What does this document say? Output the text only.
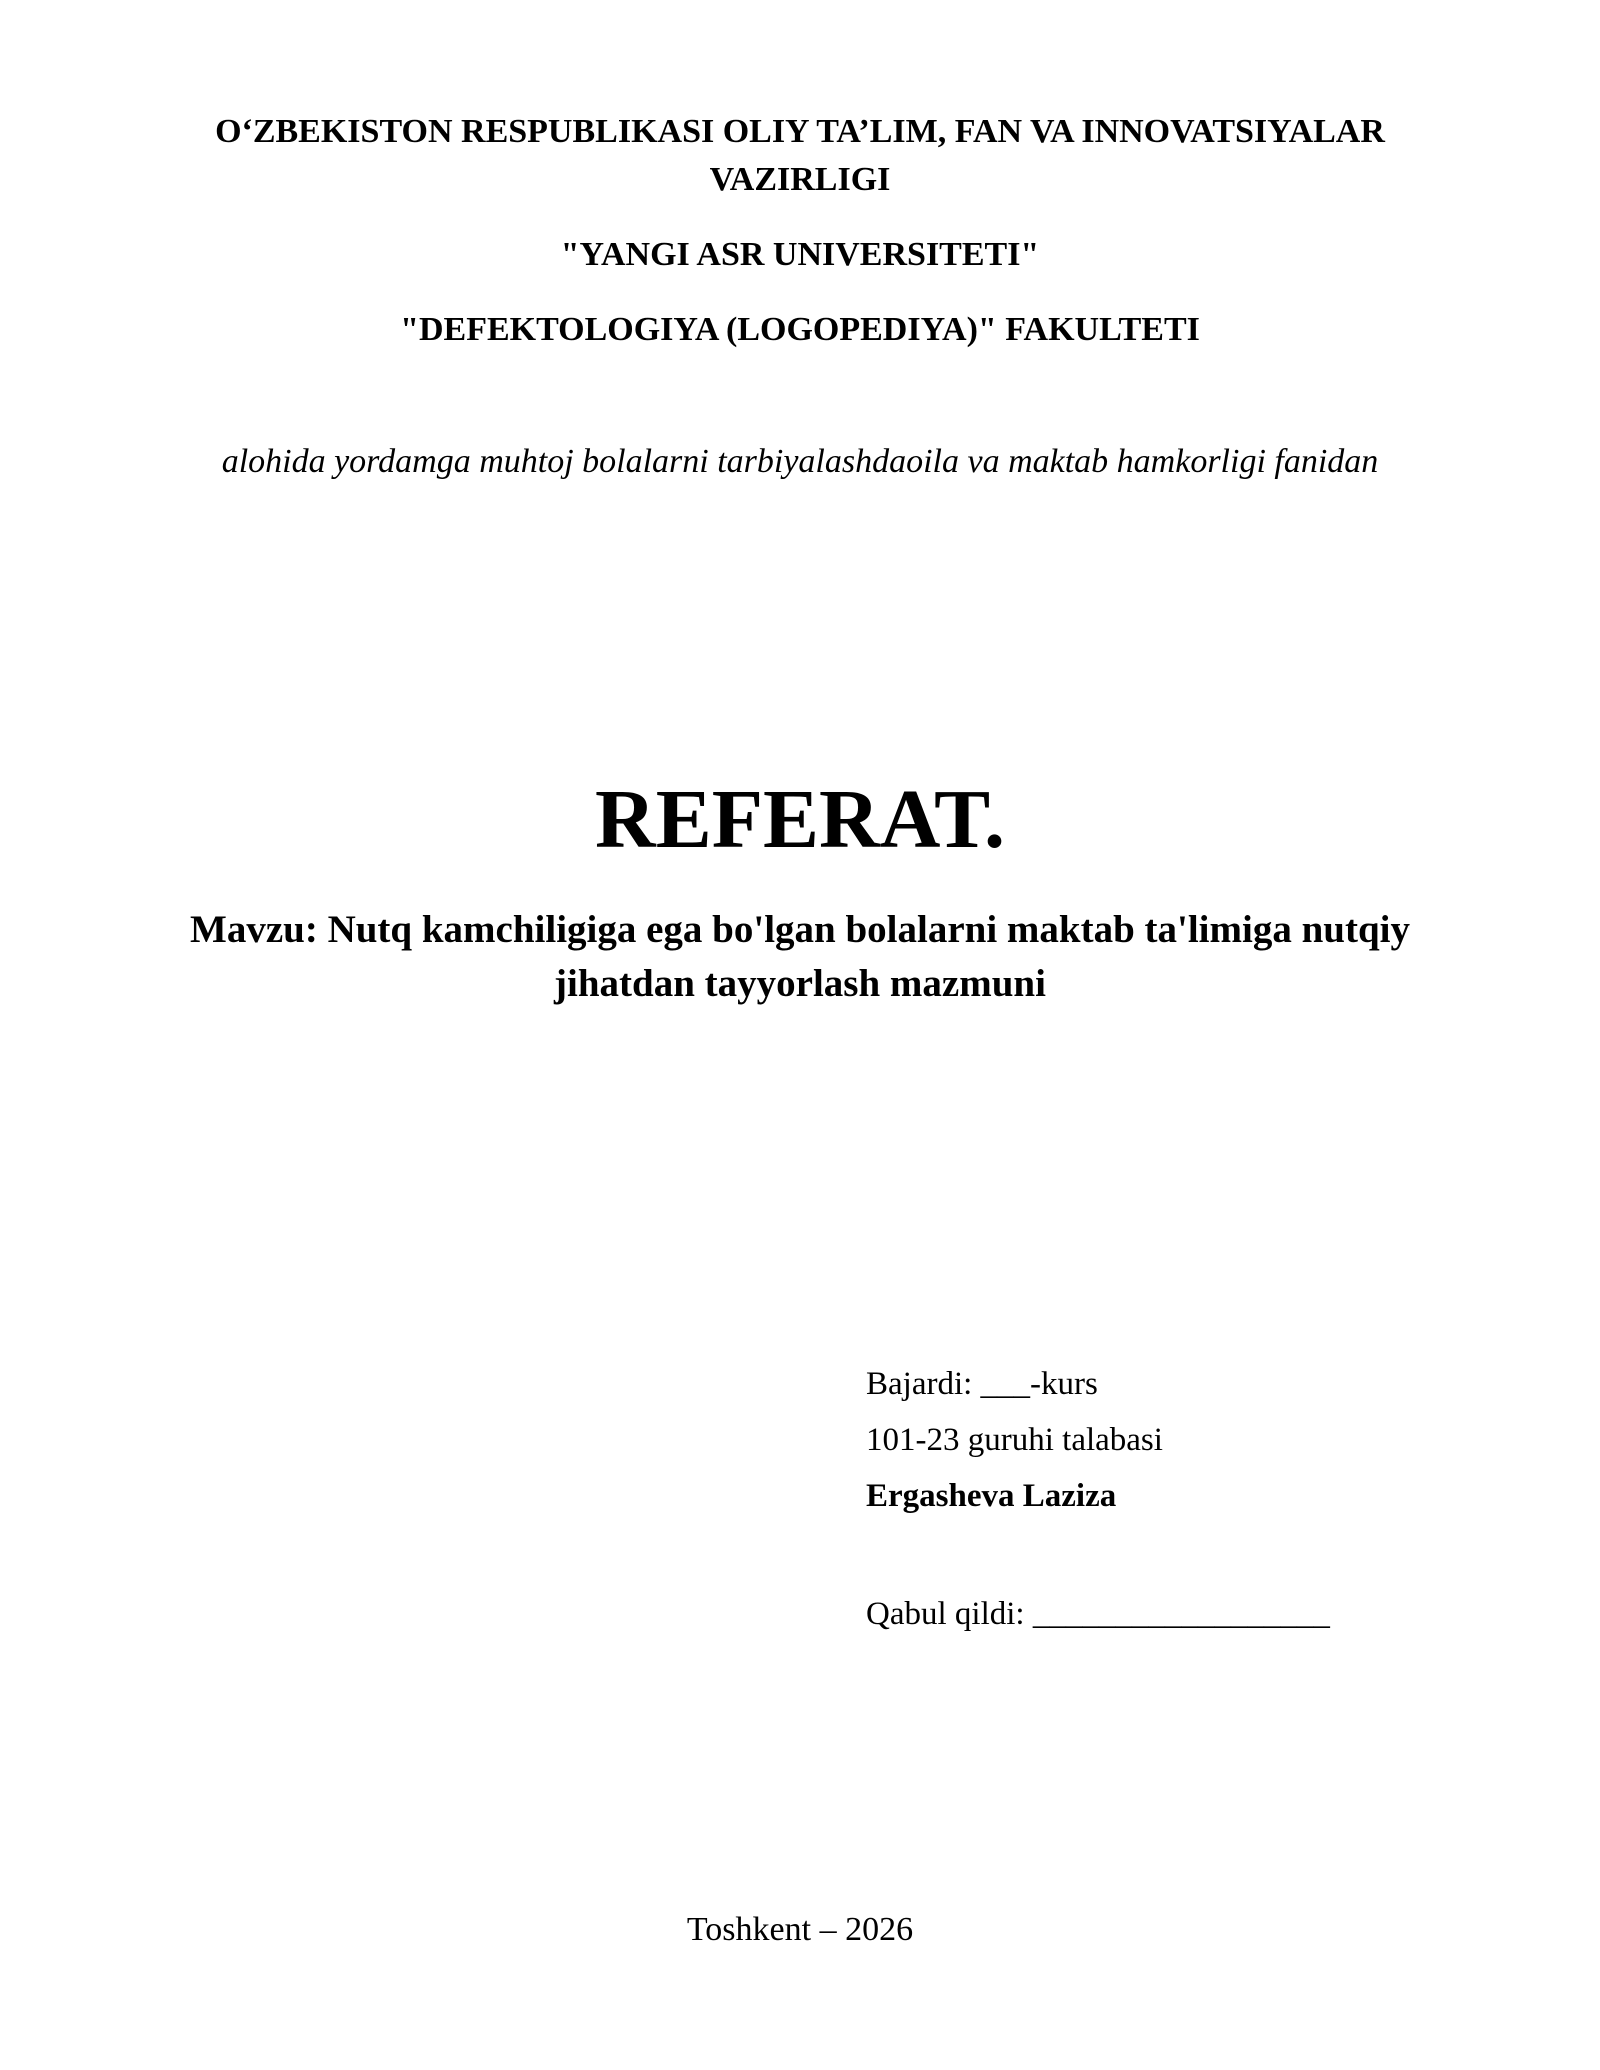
O‘ZBEKISTON RESPUBLIKASI OLIY TA’LIM, FAN VA INNOVATSIYALAR VAZIRLIGI
"YANGI ASR UNIVERSITETI"
"DEFEKTOLOGIYA (LOGOPEDIYA)" FAKULTETI
alohida yordamga muhtoj bolalarni tarbiyalashdaoila va maktab hamkorligi fanidan
REFERAT.
Mavzu: Nutq kamchiligiga ega bo'lgan bolalarni maktab ta'limiga nutqiy jihatdan tayyorlash mazmuni
Bajardi: ___-kurs
101-23 guruhi talabasi
Ergasheva Laziza
Qabul qildi: __________________
Toshkent – 2026
